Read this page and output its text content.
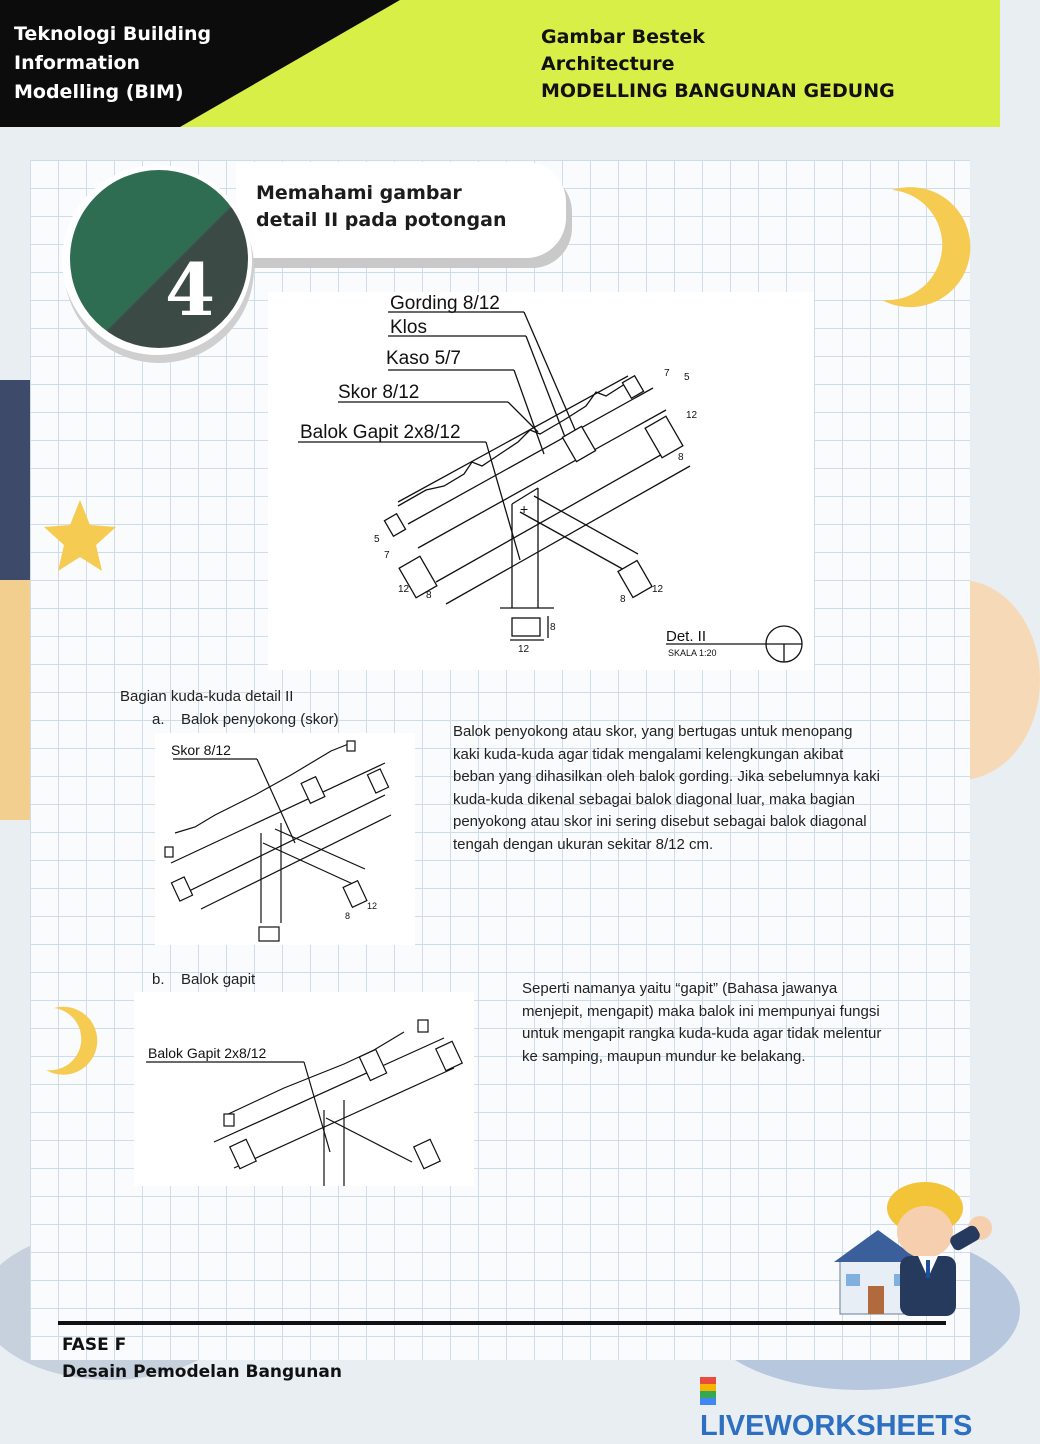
Teknologi Building
Information
Modelling (BIM)
Gambar Bestek
Architecture
MODELLING BANGUNAN GEDUNG
4
Memahami gambar
detail II pada potongan
Gording 8/12
Klos
Kaso 5/7
Skor 8/12
Balok Gapit 2x8/12
Det. II
SKALA 1:20
12
8
12
8	8
12
8
12
5
7
5
7
+
Bagian kuda-kuda detail II
a. Balok penyokong (skor)
Skor 8/12
8
12
Balok penyokong atau skor, yang bertugas untuk menopang kaki kuda-kuda agar tidak mengalami kelengkungan akibat beban yang dihasilkan oleh balok gording. Jika sebelumnya kaki kuda-kuda dikenal sebagai balok diagonal luar, maka bagian penyokong atau skor ini sering disebut sebagai balok diagonal tengah dengan ukuran sekitar 8/12 cm.
b. Balok gapit
Balok Gapit 2x8/12
Seperti namanya yaitu “gapit” (Bahasa jawanya menjepit, mengapit) maka balok ini mempunyai fungsi untuk mengapit rangka kuda-kuda agar tidak melentur ke samping, maupun mundur ke belakang.
FASE F
Desain Pemodelan Bangunan
LIVEWORKSHEETS
